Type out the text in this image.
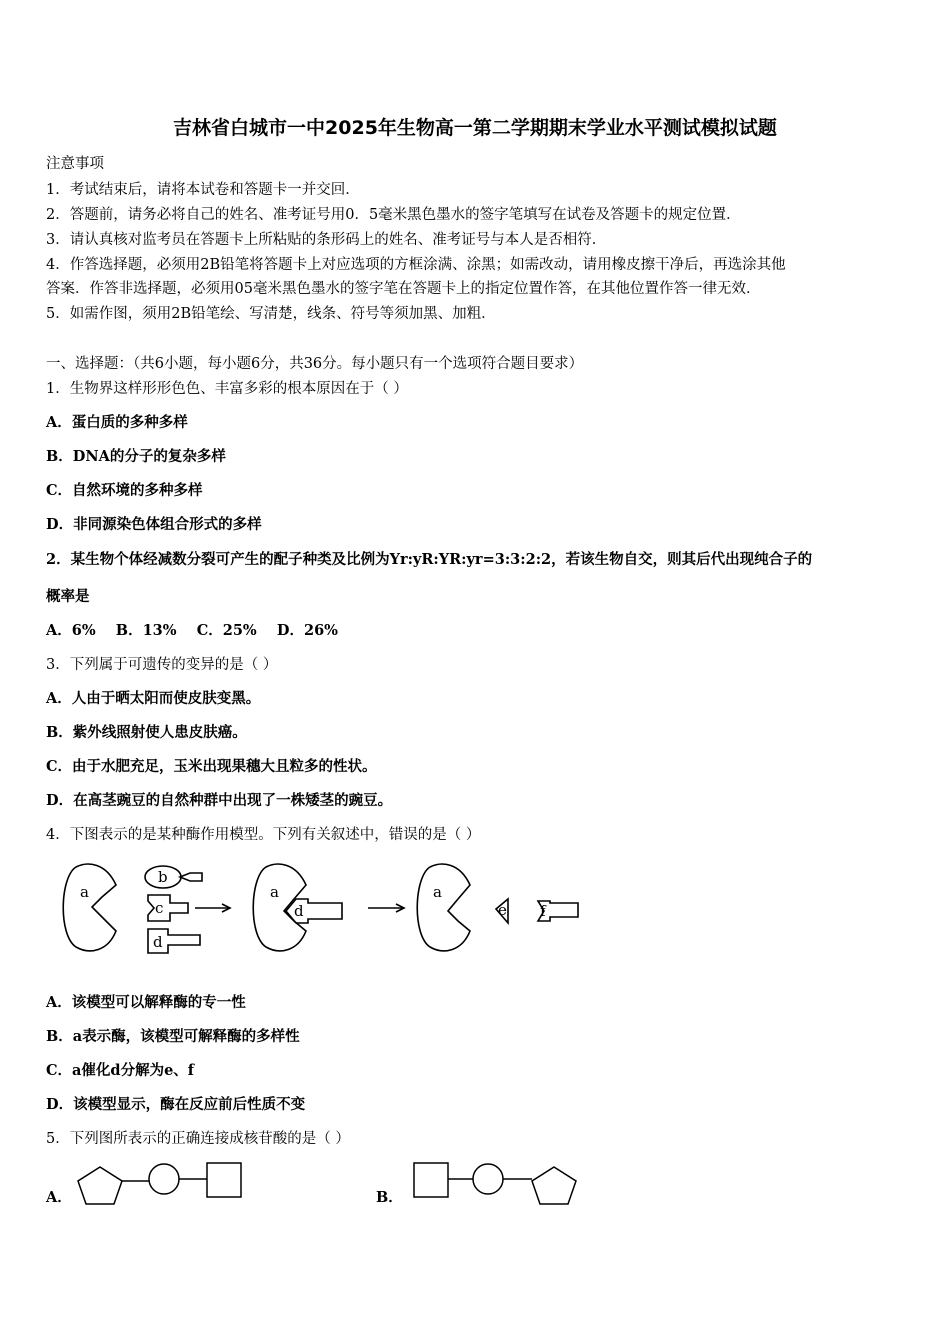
吉林省白城市一中2025年生物高一第二学期期末学业水平测试模拟试题
注意事项
1．考试结束后，请将本试卷和答题卡一并交回．
2．答题前，请务必将自己的姓名、准考证号用0．5毫米黑色墨水的签字笔填写在试卷及答题卡的规定位置．
3．请认真核对监考员在答题卡上所粘贴的条形码上的姓名、准考证号与本人是否相符．
4．作答选择题，必须用2B铅笔将答题卡上对应选项的方框涂满、涂黑；如需改动，请用橡皮擦干净后，再选涂其他
答案．作答非选择题，必须用05毫米黑色墨水的签字笔在答题卡上的指定位置作答，在其他位置作答一律无效．
5．如需作图，须用2B铅笔绘、写清楚，线条、符号等须加黑、加粗．
一、选择题：（共6小题，每小题6分，共36分。每小题只有一个选项符合题目要求）
1．生物界这样形形色色、丰富多彩的根本原因在于（ ）
A．蛋白质的多种多样
B．DNA的分子的复杂多样
C．自然环境的多种多样
D．非同源染色体组合形式的多样
2．某生物个体经减数分裂可产生的配子种类及比例为Yr:yR:YR:yr=3:3:2:2，若该生物自交，则其后代出现纯合子的
概率是
A．6%    B．13%    C．25%    D．26%
3．下列属于可遗传的变异的是（ ）
A．人由于晒太阳而使皮肤变黑。
B．紫外线照射使人患皮肤癌。
C．由于水肥充足，玉米出现果穗大且粒多的性状。
D．在高茎豌豆的自然种群中出现了一株矮茎的豌豆。
4．下图表示的是某种酶作用模型。下列有关叙述中，错误的是（ ）
a
b
c
d
a
d
a
e f
A．该模型可以解释酶的专一性
B．a表示酶，该模型可解释酶的多样性
C．a催化d分解为e、f
D．该模型显示，酶在反应前后性质不变
5．下列图所表示的正确连接成核苷酸的是（ ）
A．	B．
